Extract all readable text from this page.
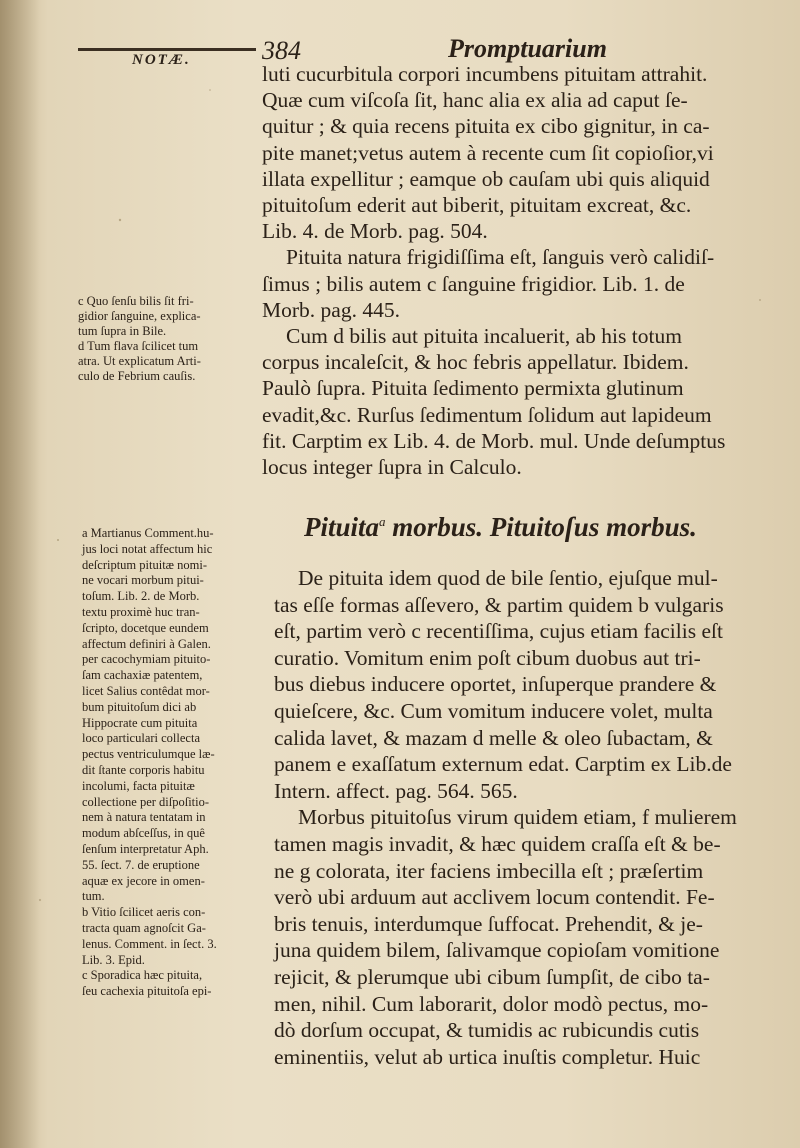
NOTÆ.	384	Promptuarium
luti cucurbitula corpori incumbens pituitam attrahit.
Quæ cum viſcoſa ſit, hanc alia ex alia ad caput ſe-
quitur ; & quia recens pituita ex cibo gignitur, in ca-
pite manet;vetus autem à recente cum ſit copioſior,vi
illata expellitur ; eamque ob cauſam ubi quis aliquid
pituitoſum ederit aut biberit, pituitam excreat, &c.
Lib. 4. de Morb. pag. 504.
Pituita natura frigidiſſima eſt, ſanguis verò calidiſ-
ſimus ; bilis autem c ſanguine frigidior. Lib. 1. de
Morb. pag. 445.
Cum d bilis aut pituita incaluerit, ab his totum
corpus incaleſcit, & hoc febris appellatur. Ibidem.
Paulò ſupra. Pituita ſedimento permixta glutinum
evadit,&c. Rurſus ſedimentum ſolidum aut lapideum
fit. Carptim ex Lib. 4. de Morb. mul. Unde deſumptus
locus integer ſupra in Calculo.
c Quo ſenſu bilis ſit fri-
gidior ſanguine, explica-
tum ſupra in Bile.
d Tum flava ſcilicet tum
atra. Ut explicatum Arti-
culo de Febrium cauſis.
Pituita$^a$ morbus. Pituitoſus morbus.
De pituita idem quod de bile ſentio, ejuſque mul-
tas eſſe formas aſſevero, & partim quidem b vulgaris
eſt, partim verò c recentiſſima, cujus etiam facilis eſt
curatio. Vomitum enim poſt cibum duobus aut tri-
bus diebus inducere oportet, inſuperque prandere &
quieſcere, &c. Cum vomitum inducere volet, multa
calida lavet, & mazam d melle & oleo ſubactam, &
panem e exaſſatum externum edat. Carptim ex Lib.de
Intern. affect. pag. 564. 565.
Morbus pituitoſus virum quidem etiam, f mulierem
tamen magis invadit, & hæc quidem craſſa eſt & be-
ne g colorata, iter faciens imbecilla eſt ; præſertim
verò ubi arduum aut acclivem locum contendit. Fe-
bris tenuis, interdumque ſuffocat. Prehendit, & je-
juna quidem bilem, ſalivamque copioſam vomitione
rejicit, & plerumque ubi cibum ſumpſit, de cibo ta-
men, nihil. Cum laborarit, dolor modò pectus, mo-
dò dorſum occupat, & tumidis ac rubicundis cutis
eminentiis, velut ab urtica inuſtis completur. Huic
a Martianus Comment.hu-
jus loci notat affectum hic
deſcriptum pituitæ nomi-
ne vocari morbum pitui-
toſum. Lib. 2. de Morb.
textu proximè huc tran-
ſcripto, docetque eundem
affectum definiri à Galen.
per cacochymiam pituito-
ſam cachaxiæ patentem,
licet Salius contêdat mor-
bum pituitoſum dici ab
Hippocrate cum pituita
loco particulari collecta
pectus ventriculumque læ-
dit ſtante corporis habitu
incolumi, facta pituitæ
collectione per diſpoſitio-
nem à natura tentatam in
modum abſceſſus, in quê
ſenſum interpretatur Aph.
55. ſect. 7. de eruptione
aquæ ex jecore in omen-
tum.
b Vitio ſcilicet aeris con-
tracta quam agnoſcit Ga-
lenus. Comment. in ſect. 3.
Lib. 3. Epid.
c Sporadica hæc pituita,
ſeu cachexia pituitoſa epi-
